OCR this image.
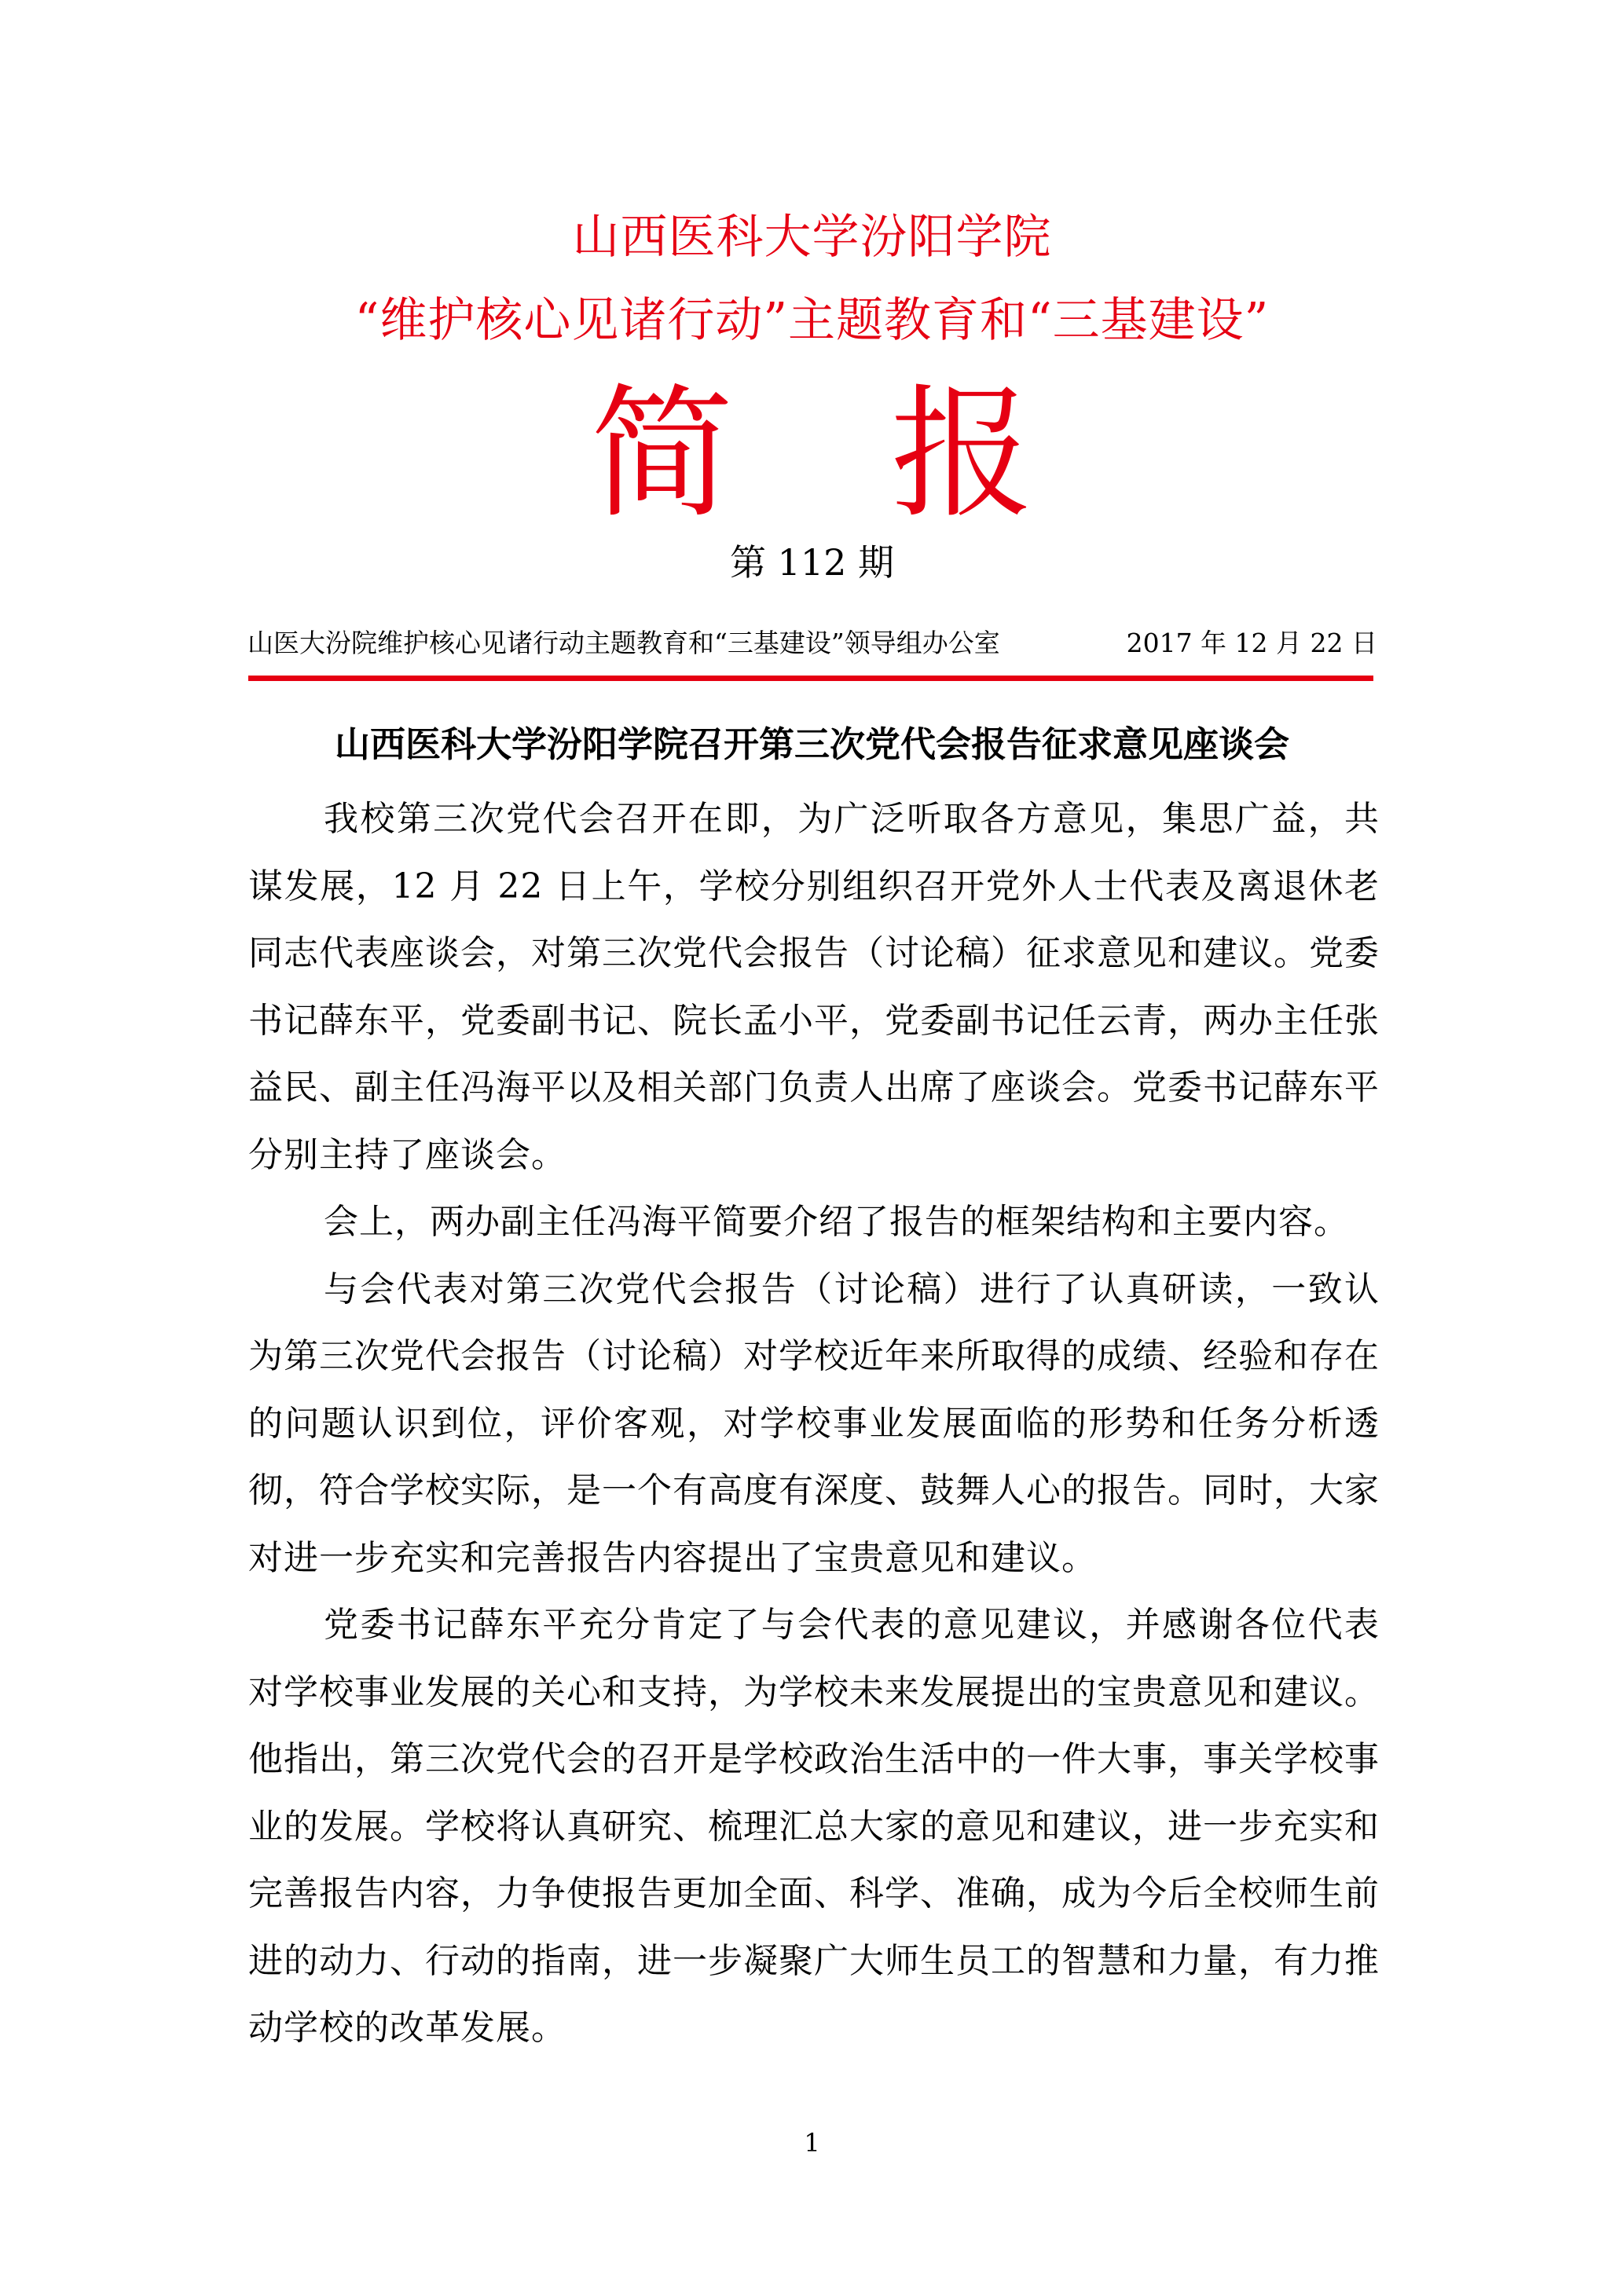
山西医科大学汾阳学院
“维护核心见诸行动”主题教育和“三基建设”
简 报
第 112 期
山医大汾院维护核心见诸行动主题教育和“三基建设”领导组办公室	2017 年 12 月 22 日
山西医科大学汾阳学院召开第三次党代会报告征求意见座谈会

我校第三次党代会召开在即，为广泛听取各方意见，集思广益，共谋发展，12 月 22 日上午，学校分别组织召开党外人士代表及离退休老同志代表座谈会，对第三次党代会报告（讨论稿）征求意见和建议。党委书记薛东平，党委副书记、院长孟小平，党委副书记任云青，两办主任张益民、副主任冯海平以及相关部门负责人出席了座谈会。党委书记薛东平分别主持了座谈会。

会上，两办副主任冯海平简要介绍了报告的框架结构和主要内容。

与会代表对第三次党代会报告（讨论稿）进行了认真研读，一致认为第三次党代会报告（讨论稿）对学校近年来所取得的成绩、经验和存在的问题认识到位，评价客观，对学校事业发展面临的形势和任务分析透彻，符合学校实际，是一个有高度有深度、鼓舞人心的报告。同时，大家对进一步充实和完善报告内容提出了宝贵意见和建议。

党委书记薛东平充分肯定了与会代表的意见建议，并感谢各位代表对学校事业发展的关心和支持，为学校未来发展提出的宝贵意见和建议。他指出，第三次党代会的召开是学校政治生活中的一件大事，事关学校事业的发展。学校将认真研究、梳理汇总大家的意见和建议，进一步充实和完善报告内容，力争使报告更加全面、科学、准确，成为今后全校师生前进的动力、行动的指南，进一步凝聚广大师生员工的智慧和力量，有力推动学校的改革发展。

1
